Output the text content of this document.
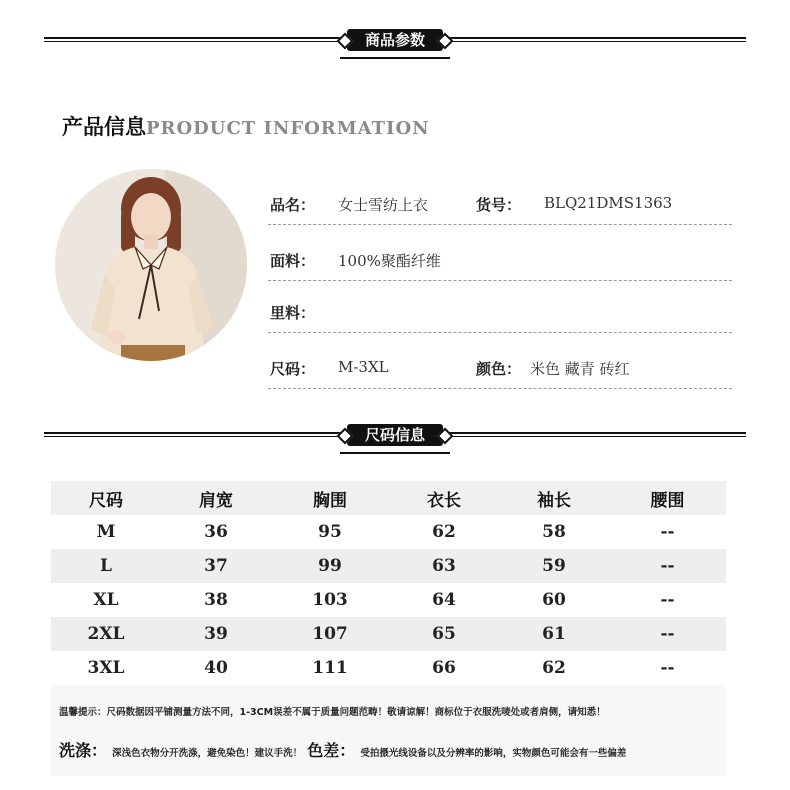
商品参数
产品信息PRODUCT INFORMATION
品名： 女士雪纺上衣	货号： BLQ21DMS1363
面料： 100%聚酯纤维
里料：
尺码： M-3XL	颜色： 米色 藏青 砖红
尺码信息
尺码	肩宽	胸围	衣长	袖长	腰围
M	36	95	62	58	--
L	37	99	63	59	--
XL	38	103	64	60	--
2XL	39	107	65	61	--
3XL	40	111	66	62	--
温馨提示：尺码数据因平铺测量方法不同，1-3CM误差不属于质量问题范畴！敬请谅解！商标位于衣服洗唛处或者肩侧，请知悉！
洗涤： 深浅色衣物分开洗涤，避免染色！建议手洗！ 色差： 受拍摄光线设备以及分辨率的影响，实物颜色可能会有一些偏差
